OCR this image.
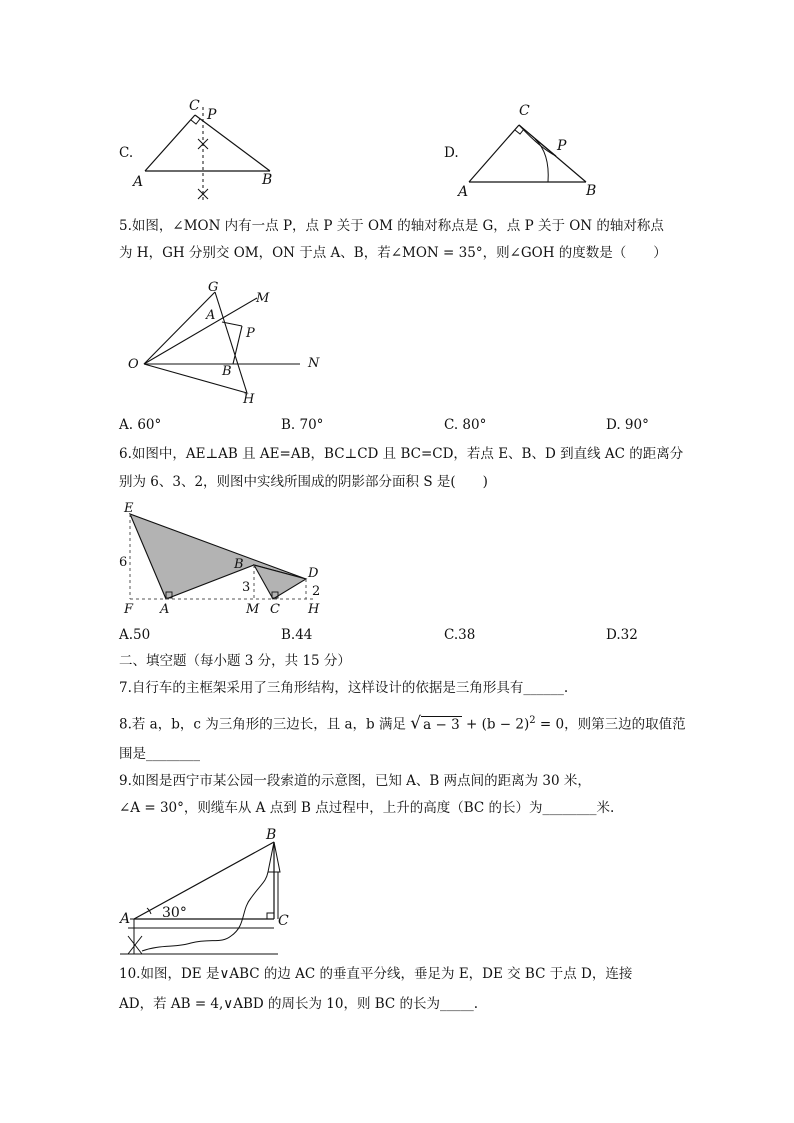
C.
C
P
A	B
D.
C
P
A	B
5.如图，∠MON 内有一点 P，点 P 关于 OM 的轴对称点是 G，点 P 关于 ON 的轴对称点
为 H，GH 分别交 OM，ON 于点 A、B，若∠MON = 35°，则∠GOH 的度数是（　　）
G
M
A
P
O	B
N
H
A. 60°	B. 70°	C. 80°	D. 90°
6.如图中，AE⊥AB 且 AE=AB，BC⊥CD 且 BC=CD，若点 E、B、D 到直线 AC 的距离分
别为 6、3、2，则图中实线所围成的阴影部分面积 S 是(　　)
E
B
D
6
3	2
F A	M C H
A.50	B.44	C.38	D.32
二、填空题（每小题 3 分，共 15 分）
7.自行车的主框架采用了三角形结构，这样设计的依据是三角形具有______.
8.若 a，b，c 为三角形的三边长，且 a，b 满足 √ $a - 3 + (b - 2)^2 = 0$，则第三边的取值范
围是________
9.如图是西宁市某公园一段索道的示意图，已知 A、B 两点间的距离为 30 米，
∠A = 30°，则缆车从 A 点到 B 点过程中，上升的高度（BC 的长）为________米.
B
A	C
30°
10.如图，DE 是∨ABC 的边 AC 的垂直平分线，垂足为 E，DE 交 BC 于点 D，连接
AD，若 AB = 4,∨ABD 的周长为 10，则 BC 的长为_____.
